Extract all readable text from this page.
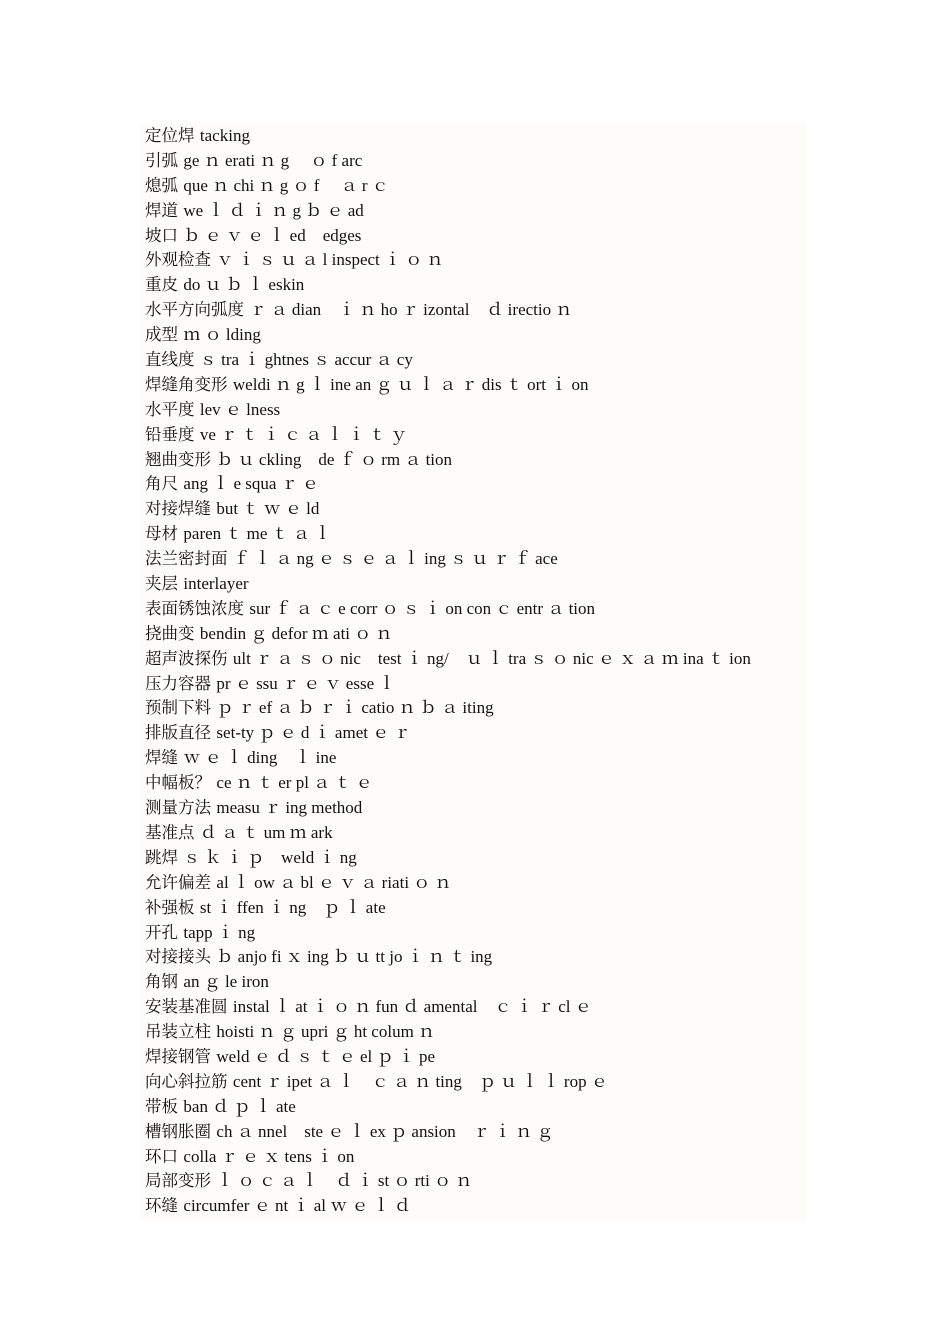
定位焊 tacking
引弧 ge ｎ erati ｎ g 　ｏ f arc
熄弧 que ｎ chi ｎ g ｏ f 　ａ r ｃ
焊道 we ｌ ｄ ｉ ｎ g ｂ ｅ ad
坡口 ｂ ｅ ｖ ｅ ｌ ed　edges
外观检查 ｖ ｉ ｓ ｕ ａ l inspect ｉ ｏ ｎ
重皮 do ｕ ｂ ｌ eskin
水平方向弧度 ｒ ａ dian　ｉ ｎ ho ｒ izontal　ｄ irectio ｎ
成型 ｍ ｏ lding
直线度 ｓ tra ｉ ghtnes ｓ accur ａ cy
焊缝角变形 weldi ｎ g ｌ ine an ｇ ｕ ｌ ａ ｒ dis ｔ ort ｉ on
水平度 lev ｅ lness
铅垂度 ve ｒ ｔ ｉ ｃ ａ ｌ ｉ ｔ ｙ
翘曲变形 ｂ ｕ ckling　de ｆ ｏ rm ａ tion
角尺 ang ｌ e squa ｒ ｅ
对接焊缝 but ｔ ｗ ｅ ld
母材 paren ｔ me ｔ ａ ｌ
法兰密封面 ｆ ｌ ａ ng ｅ ｓ ｅ ａ ｌ ing ｓ ｕ ｒ ｆ ace
夹层 interlayer
表面锈蚀浓度 sur ｆ ａ ｃ e corr ｏ ｓ ｉ on con ｃ entr ａ tion
挠曲变 bendin ｇ defor ｍ ati ｏ ｎ
超声波探伤 ult ｒ ａ ｓ ｏ nic　test ｉ ng/　ｕ ｌ tra ｓ ｏ nic ｅ ｘ ａ ｍ ina ｔ ion
压力容器 pr ｅ ssu ｒ ｅ ｖ esse ｌ
预制下料 ｐ ｒ ef ａ ｂ ｒ ｉ catio ｎ ｂ ａ iting
排版直径 set-ty ｐ ｅ d ｉ amet ｅ ｒ
焊缝 ｗ ｅ ｌ ding　ｌ ine
中幅板？ ce ｎ ｔ er pl ａ ｔ ｅ
测量方法 measu ｒ ing method
基准点 ｄ ａ ｔ um ｍ ark
跳焊 ｓ ｋ ｉ ｐ　weld ｉ ng
允许偏差 al ｌ ow ａ bl ｅ ｖ ａ riati ｏ ｎ
补强板 st ｉ ffen ｉ ng　ｐ ｌ ate
开孔 tapp ｉ ng
对接接头 ｂ anjo fi ｘ ing ｂ ｕ tt jo ｉ ｎ ｔ ing
角钢 an ｇ le iron
安装基准圆 instal ｌ at ｉ ｏ ｎ fun ｄ amental　ｃ ｉ ｒ cl ｅ
吊装立柱 hoisti ｎ ｇ upri ｇ ht colum ｎ
焊接钢管 weld ｅ ｄ ｓ ｔ ｅ el ｐ ｉ pe
向心斜拉筋 cent ｒ ipet ａ ｌ　ｃ ａ ｎ ting　ｐ ｕ ｌ ｌ rop ｅ
带板 ban ｄ ｐ ｌ ate
槽钢胀圈 ch ａ nnel　ste ｅ ｌ ex ｐ ansion　ｒ ｉ ｎ ｇ
环口 colla ｒ ｅ ｘ tens ｉ on
局部变形 ｌ ｏ ｃ ａ ｌ　ｄ ｉ st ｏ rti ｏ ｎ
环缝 circumfer ｅ nt ｉ al ｗ ｅ ｌ ｄ
